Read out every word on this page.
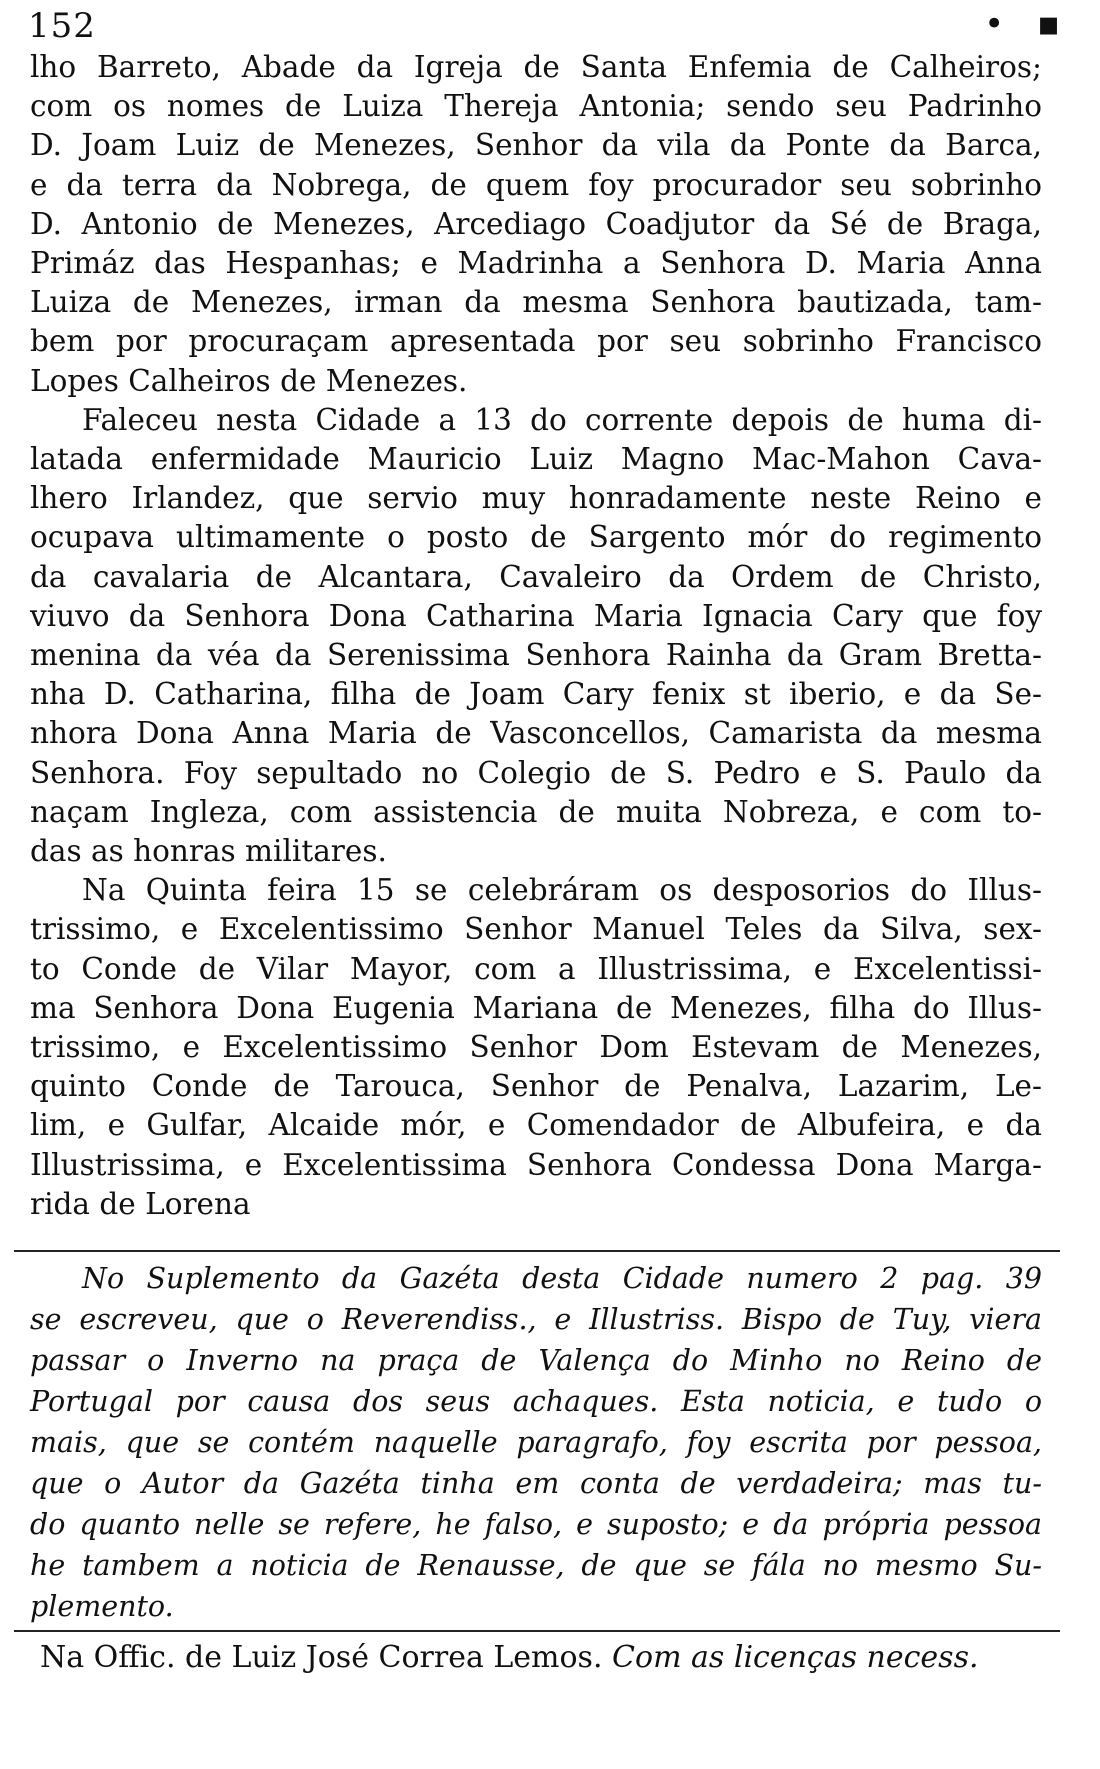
152	• ▪
lho Barreto, Abade da Igreja de Santa Enfemia de Calheiros;
com os nomes de Luiza Thereja Antonia; sendo seu Padrinho
D. Joam Luiz de Menezes, Senhor da vila da Ponte da Barca,
e da terra da Nobrega, de quem foy procurador seu sobrinho
D. Antonio de Menezes, Arcediago Coadjutor da Sé de Braga,
Primáz das Hespanhas; e Madrinha a Senhora D. Maria Anna
Luiza de Menezes, irman da mesma Senhora bautizada, tam-
bem por procuraçam apresentada por seu sobrinho Francisco
Lopes Calheiros de Menezes.
Faleceu nesta Cidade a 13 do corrente depois de huma di-
latada enfermidade Mauricio Luiz Magno Mac-Mahon Cava-
lhero Irlandez, que servio muy honradamente neste Reino e
ocupava ultimamente o posto de Sargento mór do regimento
da cavalaria de Alcantara, Cavaleiro da Ordem de Christo,
viuvo da Senhora Dona Catharina Maria Ignacia Cary que foy
menina da véa da Serenissima Senhora Rainha da Gram Bretta-
nha D. Catharina, filha de Joam Cary fenix st iberio, e da Se-
nhora Dona Anna Maria de Vasconcellos, Camarista da mesma
Senhora. Foy sepultado no Colegio de S. Pedro e S. Paulo da
naçam Ingleza, com assistencia de muita Nobreza, e com to-
das as honras militares.
Na Quinta feira 15 se celebráram os desposorios do Illus-
trissimo, e Excelentissimo Senhor Manuel Teles da Silva, sex-
to Conde de Vilar Mayor, com a Illustrissima, e Excelentissi-
ma Senhora Dona Eugenia Mariana de Menezes, filha do Illus-
trissimo, e Excelentissimo Senhor Dom Estevam de Menezes,
quinto Conde de Tarouca, Senhor de Penalva, Lazarim, Le-
lim, e Gulfar, Alcaide mór, e Comendador de Albufeira, e da
Illustrissima, e Excelentissima Senhora Condessa Dona Marga-
rida de Lorena
No Suplemento da Gazéta desta Cidade numero 2 pag. 39
se escreveu, que o Reverendiss., e Illustriss. Bispo de Tuy, viera
passar o Inverno na praça de Valença do Minho no Reino de
Portugal por causa dos seus achaques. Esta noticia, e tudo o
mais, que se contém naquelle paragrafo, foy escrita por pessoa,
que o Autor da Gazéta tinha em conta de verdadeira; mas tu-
do quanto nelle se refere, he falso, e suposto; e da própria pessoa
he tambem a noticia de Renausse, de que se fála no mesmo Su-
plemento.
Na Offic. de Luiz José Correa Lemos. Com as licenças necess.
